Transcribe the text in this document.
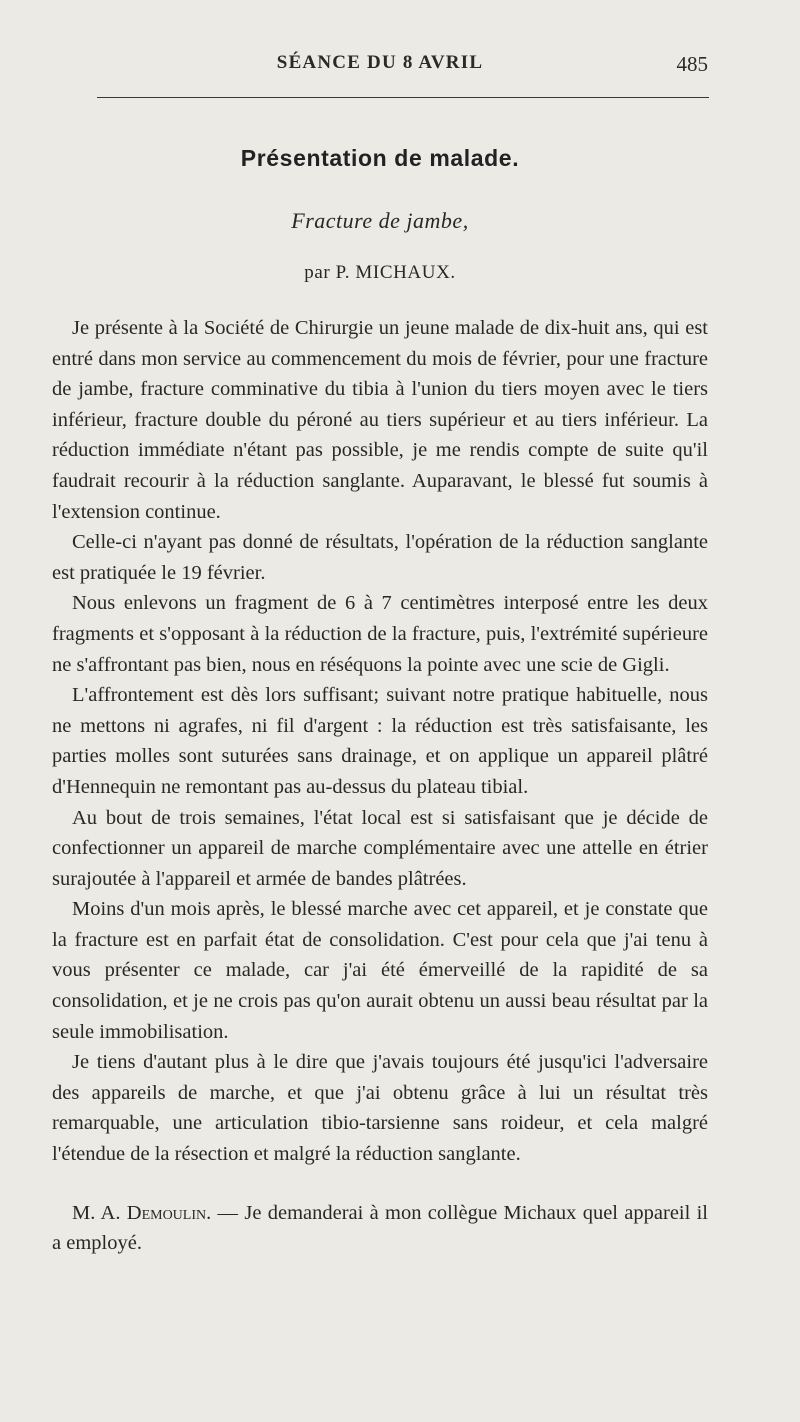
SÉANCE DU 8 AVRIL	485
Présentation de malade.
Fracture de jambe,
par P. MICHAUX.

Je présente à la Société de Chirurgie un jeune malade de dix-huit ans, qui est entré dans mon service au commencement du mois de février, pour une fracture de jambe, fracture comminative du tibia à l'union du tiers moyen avec le tiers inférieur, fracture double du péroné au tiers supérieur et au tiers inférieur. La réduction immédiate n'étant pas possible, je me rendis compte de suite qu'il faudrait recourir à la réduction sanglante. Auparavant, le blessé fut soumis à l'extension continue.

Celle-ci n'ayant pas donné de résultats, l'opération de la réduction sanglante est pratiquée le 19 février.

Nous enlevons un fragment de 6 à 7 centimètres interposé entre les deux fragments et s'opposant à la réduction de la fracture, puis, l'extrémité supérieure ne s'affrontant pas bien, nous en réséquons la pointe avec une scie de Gigli.

L'affrontement est dès lors suffisant; suivant notre pratique habituelle, nous ne mettons ni agrafes, ni fil d'argent : la réduction est très satisfaisante, les parties molles sont suturées sans drainage, et on applique un appareil plâtré d'Hennequin ne remontant pas au-dessus du plateau tibial.

Au bout de trois semaines, l'état local est si satisfaisant que je décide de confectionner un appareil de marche complémentaire avec une attelle en étrier surajoutée à l'appareil et armée de bandes plâtrées.

Moins d'un mois après, le blessé marche avec cet appareil, et je constate que la fracture est en parfait état de consolidation. C'est pour cela que j'ai tenu à vous présenter ce malade, car j'ai été émerveillé de la rapidité de sa consolidation, et je ne crois pas qu'on aurait obtenu un aussi beau résultat par la seule immobilisation.

Je tiens d'autant plus à le dire que j'avais toujours été jusqu'ici l'adversaire des appareils de marche, et que j'ai obtenu grâce à lui un résultat très remarquable, une articulation tibio-tarsienne sans roideur, et cela malgré l'étendue de la résection et malgré la réduction sanglante.

M. A. Demoulin. — Je demanderai à mon collègue Michaux quel appareil il a employé.
